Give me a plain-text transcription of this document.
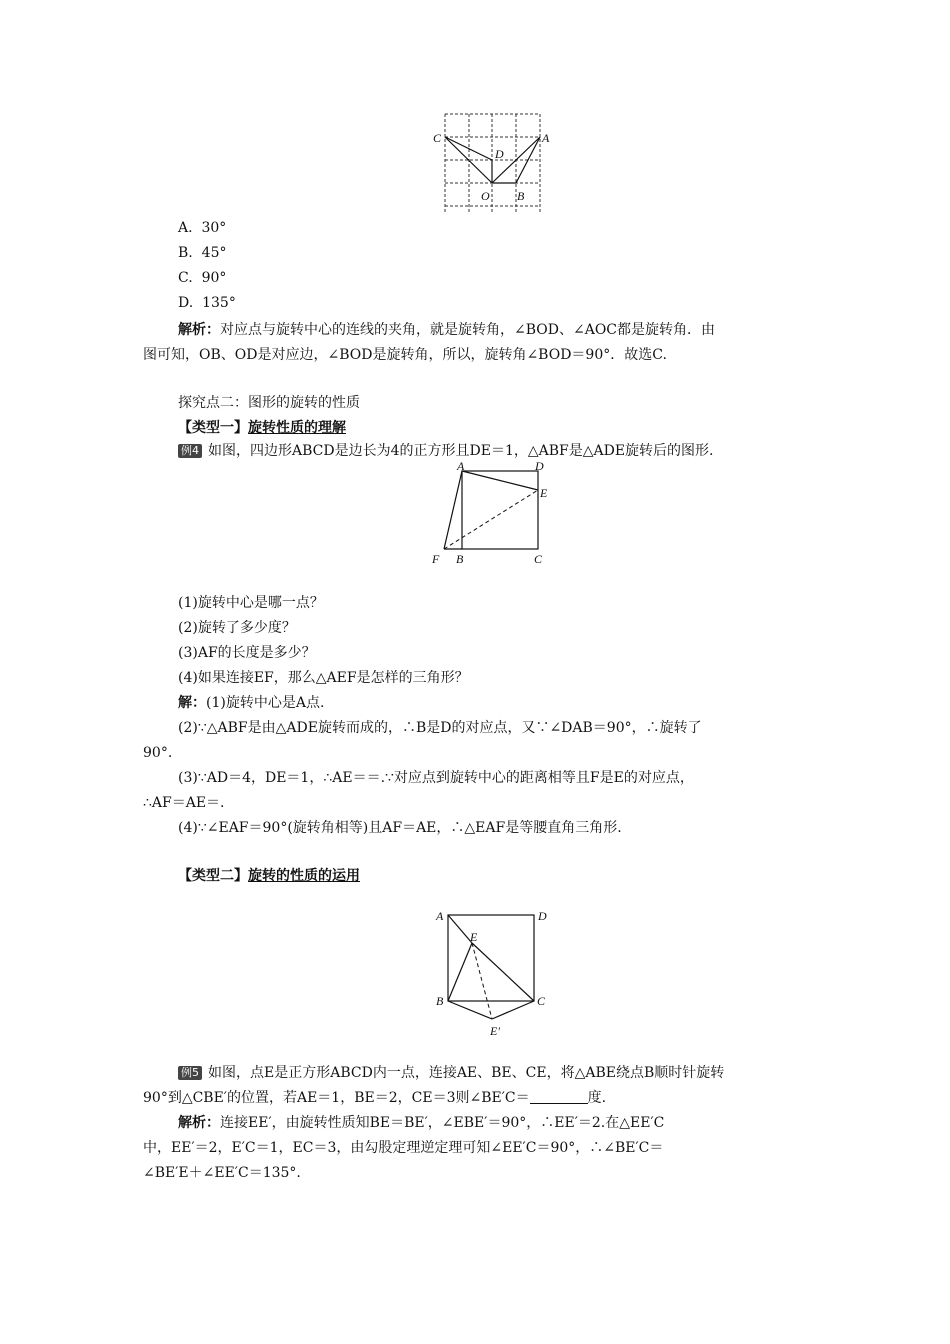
C	A
D
O B
A. 30°
B. 45°
C. 90°
D. 135°
解析：对应点与旋转中心的连线的夹角，就是旋转角，∠BOD、∠AOC都是旋转角．由
图可知，OB、OD是对应边，∠BOD是旋转角，所以，旋转角∠BOD＝90°．故选C.
探究点二：图形的旋转的性质
【类型一】旋转性质的理解
例4 如图，四边形ABCD是边长为4的正方形且DE＝1，△ABF是△ADE旋转后的图形.
A	D
E
F B	C
(1)旋转中心是哪一点？
(2)旋转了多少度？
(3)AF的长度是多少？
(4)如果连接EF，那么△AEF是怎样的三角形？
解：(1)旋转中心是A点.
(2)∵△ABF是由△ADE旋转而成的，∴B是D的对应点，又∵∠DAB＝90°，∴旋转了
90°.
(3)∵AD＝4，DE＝1，∴AE＝＝.∵对应点到旋转中心的距离相等且F是E的对应点，
∴AF＝AE＝.
(4)∵∠EAF＝90°(旋转角相等)且AF＝AE，∴△EAF是等腰直角三角形.
【类型二】旋转的性质的运用
A	D
E
B	C
E′
例5 如图，点E是正方形ABCD内一点，连接AE、BE、CE，将△ABE绕点B顺时针旋转
90°到△CBE′的位置，若AE＝1，BE＝2，CE＝3则∠BE′C＝	度.
解析：连接EE′，由旋转性质知BE＝BE′，∠EBE′＝90°，∴EE′＝2.在△EE′C
中，EE′＝2，E′C＝1，EC＝3，由勾股定理逆定理可知∠EE′C＝90°，∴∠BE′C＝
∠BE′E＋∠EE′C＝135°.
